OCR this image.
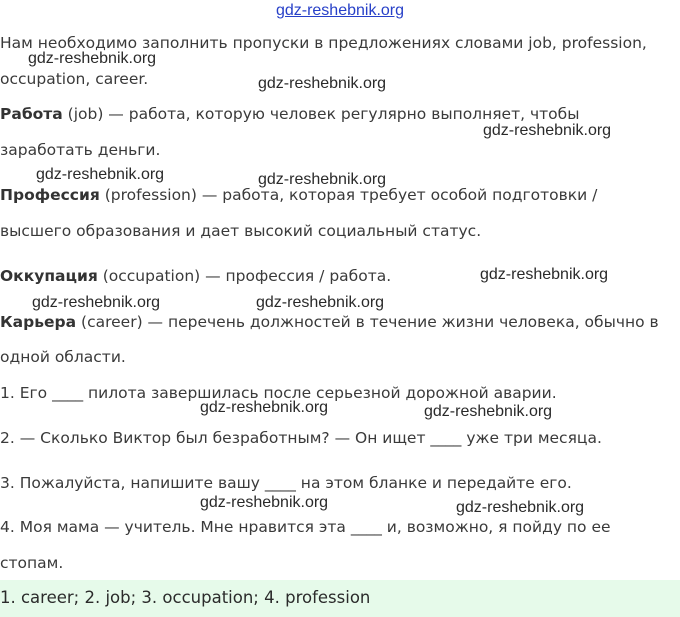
gdz-reshebnik.org
Нам необходимо заполнить пропуски в предложениях словами job, profession,
occupation, career.
Работа (job) — работа, которую человек регулярно выполняет, чтобы
заработать деньги.
Профессия (profession) — работа, которая требует особой подготовки /
высшего образования и дает высокий социальный статус.
Оккупация (occupation) — профессия / работа.
Карьера (career) — перечень должностей в течение жизни человека, обычно в
одной области.
1. Его ____ пилота завершилась после серьезной дорожной аварии.
2. — Сколько Виктор был безработным? — Он ищет ____ уже три месяца.
3. Пожалуйста, напишите вашу ____ на этом бланке и передайте его.
4. Моя мама — учитель. Мне нравится эта ____ и, возможно, я пойду по ее
стопам.
1. career; 2. job; 3. occupation; 4. profession
gdz-reshebnik.org
gdz-reshebnik.org
gdz-reshebnik.org
gdz-reshebnik.org	gdz-reshebnik.org
gdz-reshebnik.org
gdz-reshebnik.org	gdz-reshebnik.org
gdz-reshebnik.org	gdz-reshebnik.org
gdz-reshebnik.org	gdz-reshebnik.org
